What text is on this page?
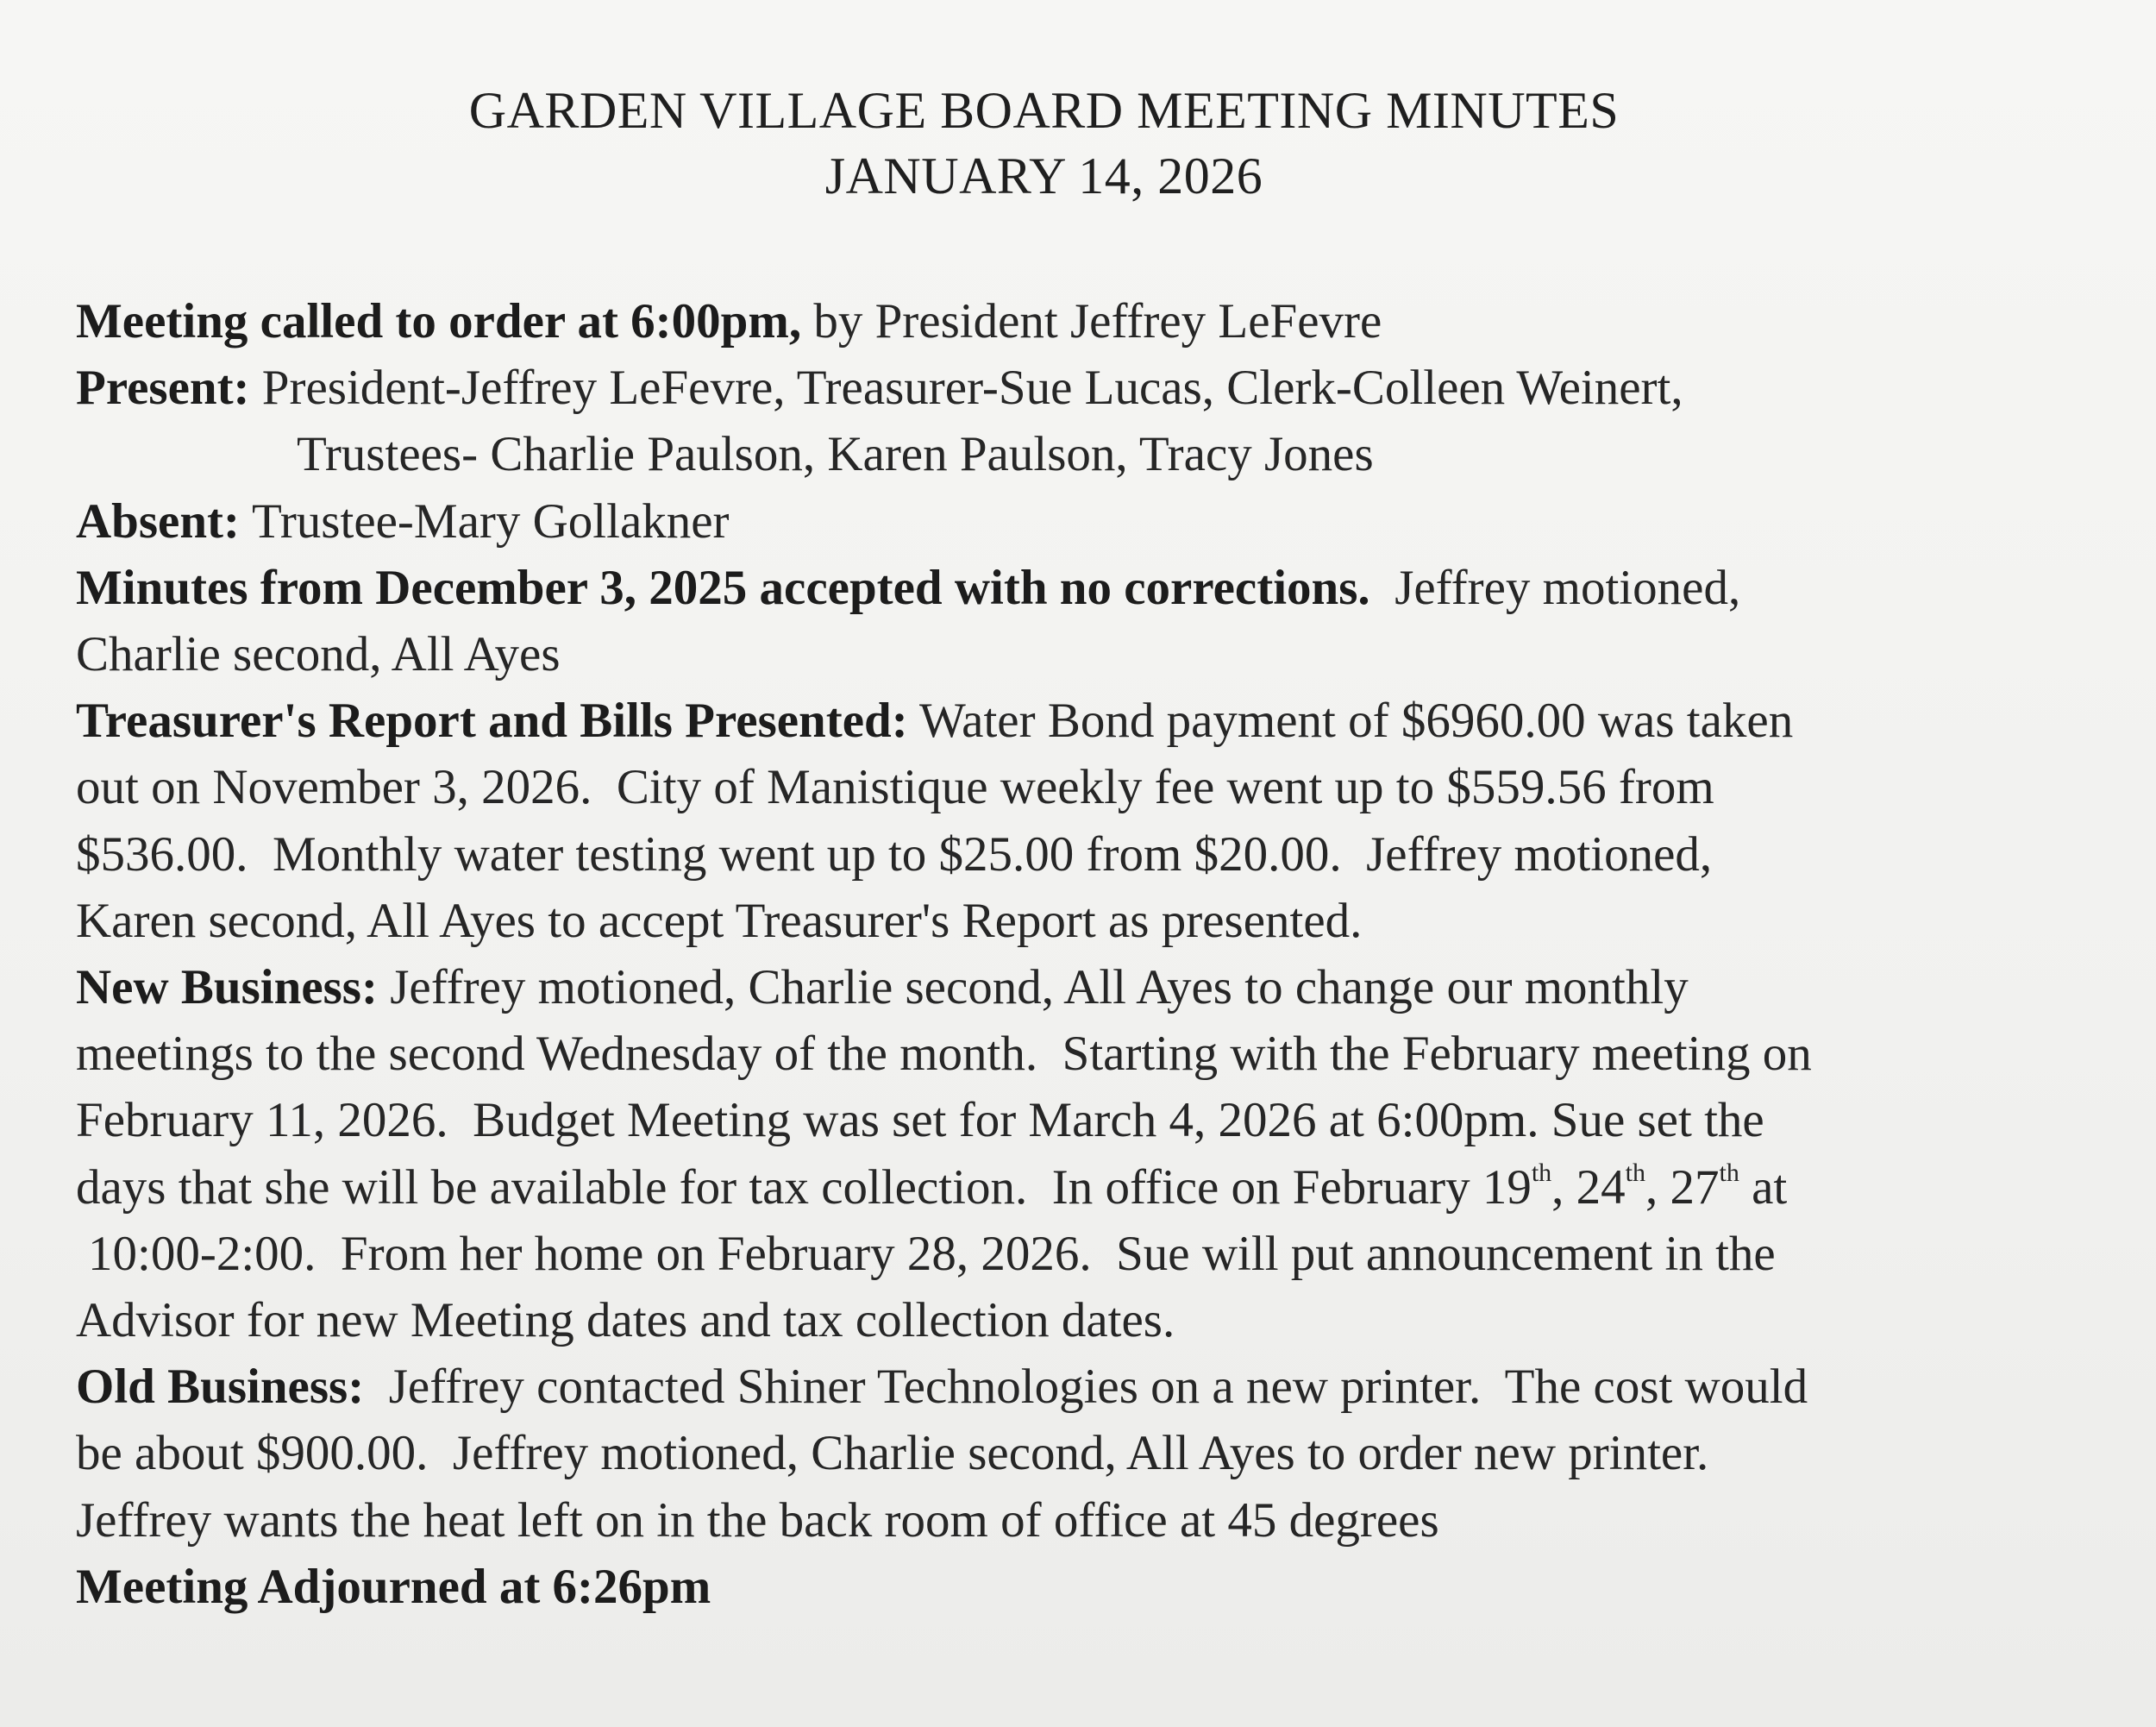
GARDEN VILLAGE BOARD MEETING MINUTES
JANUARY 14, 2026
Meeting called to order at 6:00pm, by President Jeffrey LeFevre
Present: President-Jeffrey LeFevre, Treasurer-Sue Lucas, Clerk-Colleen Weinert,
Trustees- Charlie Paulson, Karen Paulson, Tracy Jones
Absent: Trustee-Mary Gollakner
Minutes from December 3, 2025 accepted with no corrections.  Jeffrey motioned,
Charlie second, All Ayes
Treasurer's Report and Bills Presented: Water Bond payment of $6960.00 was taken
out on November 3, 2026.  City of Manistique weekly fee went up to $559.56 from
$536.00.  Monthly water testing went up to $25.00 from $20.00.  Jeffrey motioned,
Karen second, All Ayes to accept Treasurer's Report as presented.
New Business: Jeffrey motioned, Charlie second, All Ayes to change our monthly
meetings to the second Wednesday of the month.  Starting with the February meeting on
February 11, 2026.  Budget Meeting was set for March 4, 2026 at 6:00pm. Sue set the
days that she will be available for tax collection.  In office on February 19th, 24th, 27th at
10:00-2:00.  From her home on February 28, 2026.  Sue will put announcement in the
Advisor for new Meeting dates and tax collection dates.
Old Business:  Jeffrey contacted Shiner Technologies on a new printer.  The cost would
be about $900.00.  Jeffrey motioned, Charlie second, All Ayes to order new printer.
Jeffrey wants the heat left on in the back room of office at 45 degrees
Meeting Adjourned at 6:26pm
